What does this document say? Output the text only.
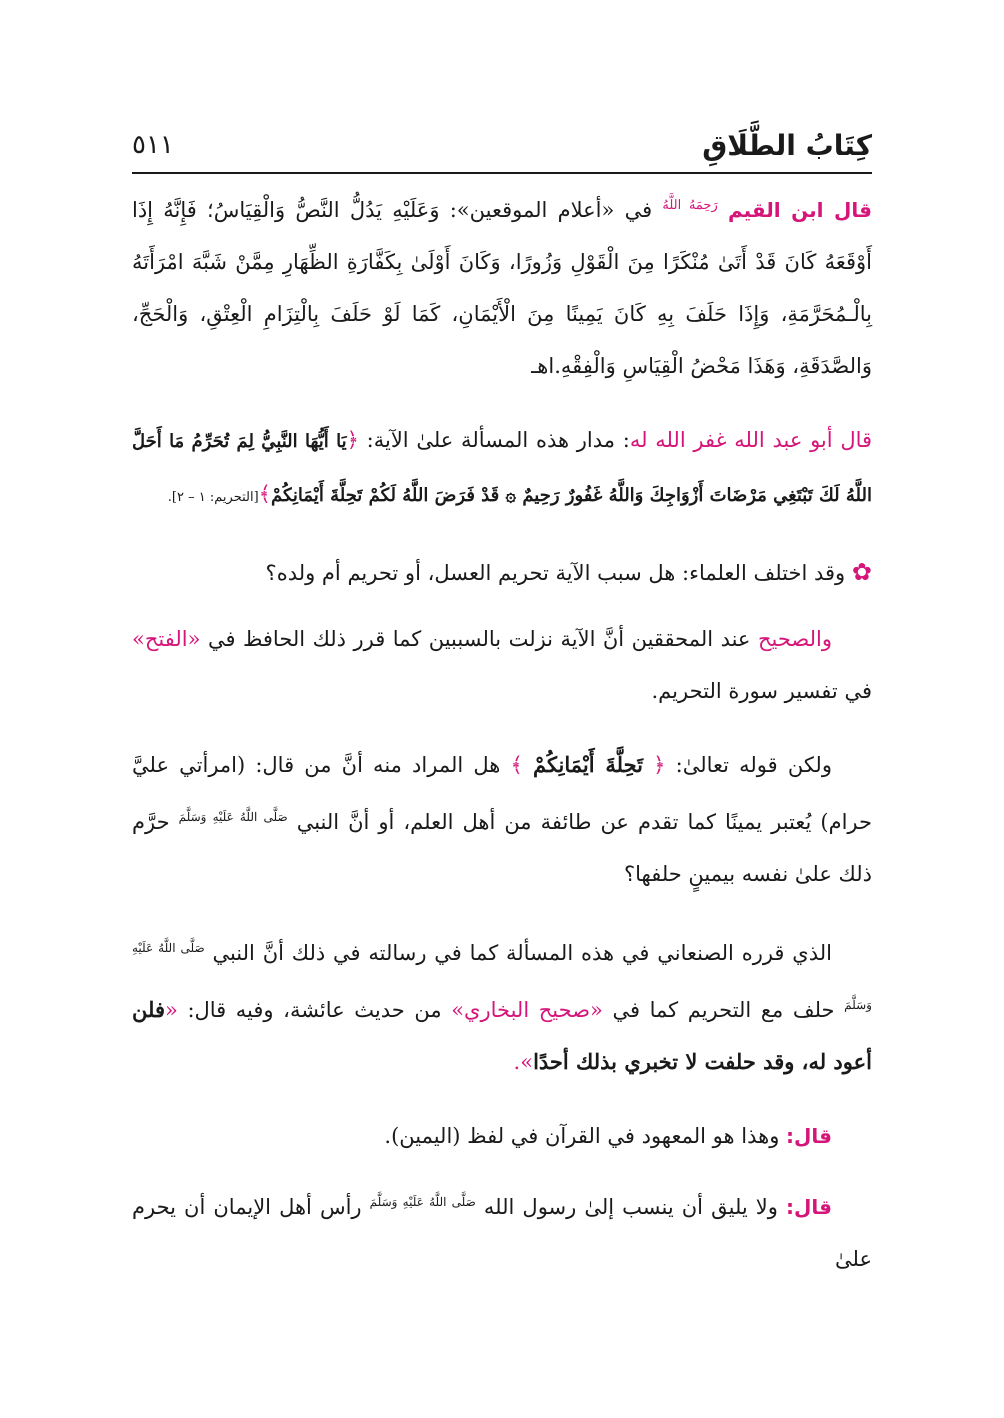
كِتَابُ الطَّلَاقِ
٥١١

قال ابن القيم $^{رَحِمَهُ اللَّهُ}$ في «أعلام الموقعين»: وَعَلَيْهِ يَدُلُّ النَّصُّ وَالْقِيَاسُ؛ فَإِنَّهُ إِذَا أَوْقَعَهُ كَانَ قَدْ أَتَىٰ مُنْكَرًا مِنَ الْقَوْلِ وَزُورًا، وَكَانَ أَوْلَىٰ بِكَفَّارَةِ الظِّهَارِ مِمَّنْ شَبَّهَ امْرَأَتَهُ بِالْـمُحَرَّمَةِ، وَإِذَا حَلَفَ بِهِ كَانَ يَمِينًا مِنَ الْأَيْمَانِ، كَمَا لَوْ حَلَفَ بِالْتِزَامِ الْعِتْقِ، وَالْحَجِّ، وَالصَّدَقَةِ، وَهَذَا مَحْضُ الْقِيَاسِ وَالْفِقْهِ.اهـ

قال أبو عبد الله غفر الله له: مدار هذه المسألة علىٰ الآية: ﴿يَا أَيُّهَا النَّبِيُّ لِمَ تُحَرِّمُ مَا أَحَلَّ اللَّهُ لَكَ تَبْتَغِي مَرْضَاتَ أَزْوَاجِكَ وَاللَّهُ غَفُورٌ رَحِيمٌ ۞ قَدْ فَرَضَ اللَّهُ لَكُمْ تَحِلَّةَ أَيْمَانِكُمْ﴾[التحريم: ١ – ٢].

✿ وقد اختلف العلماء: هل سبب الآية تحريم العسل، أو تحريم أم ولده؟

والصحيح عند المحققين أنَّ الآية نزلت بالسببين كما قرر ذلك الحافظ في «الفتح» في تفسير سورة التحريم.

ولكن قوله تعالىٰ: ﴿ تَحِلَّةَ أَيْمَانِكُمْ ﴾ هل المراد منه أنَّ من قال: (امرأتي عليَّ حرام) يُعتبر يمينًا كما تقدم عن طائفة من أهل العلم، أو أنَّ النبي $^{صَلَّى اللَّهُ عَلَيْهِ وَسَلَّمَ}$ حرَّم ذلك علىٰ نفسه بيمينٍ حلفها؟

الذي قرره الصنعاني في هذه المسألة كما في رسالته في ذلك أنَّ النبي $^{صَلَّى اللَّهُ عَلَيْهِ وَسَلَّمَ}$ حلف مع التحريم كما في «صحيح البخاري» من حديث عائشة، وفيه قال: «فلن أعود له، وقد حلفت لا تخبري بذلك أحدًا».

قال: وهذا هو المعهود في القرآن في لفظ (اليمين).

قال: ولا يليق أن ينسب إلىٰ رسول الله $^{صَلَّى اللَّهُ عَلَيْهِ وَسَلَّمَ}$ رأس أهل الإيمان أن يحرم علىٰ
